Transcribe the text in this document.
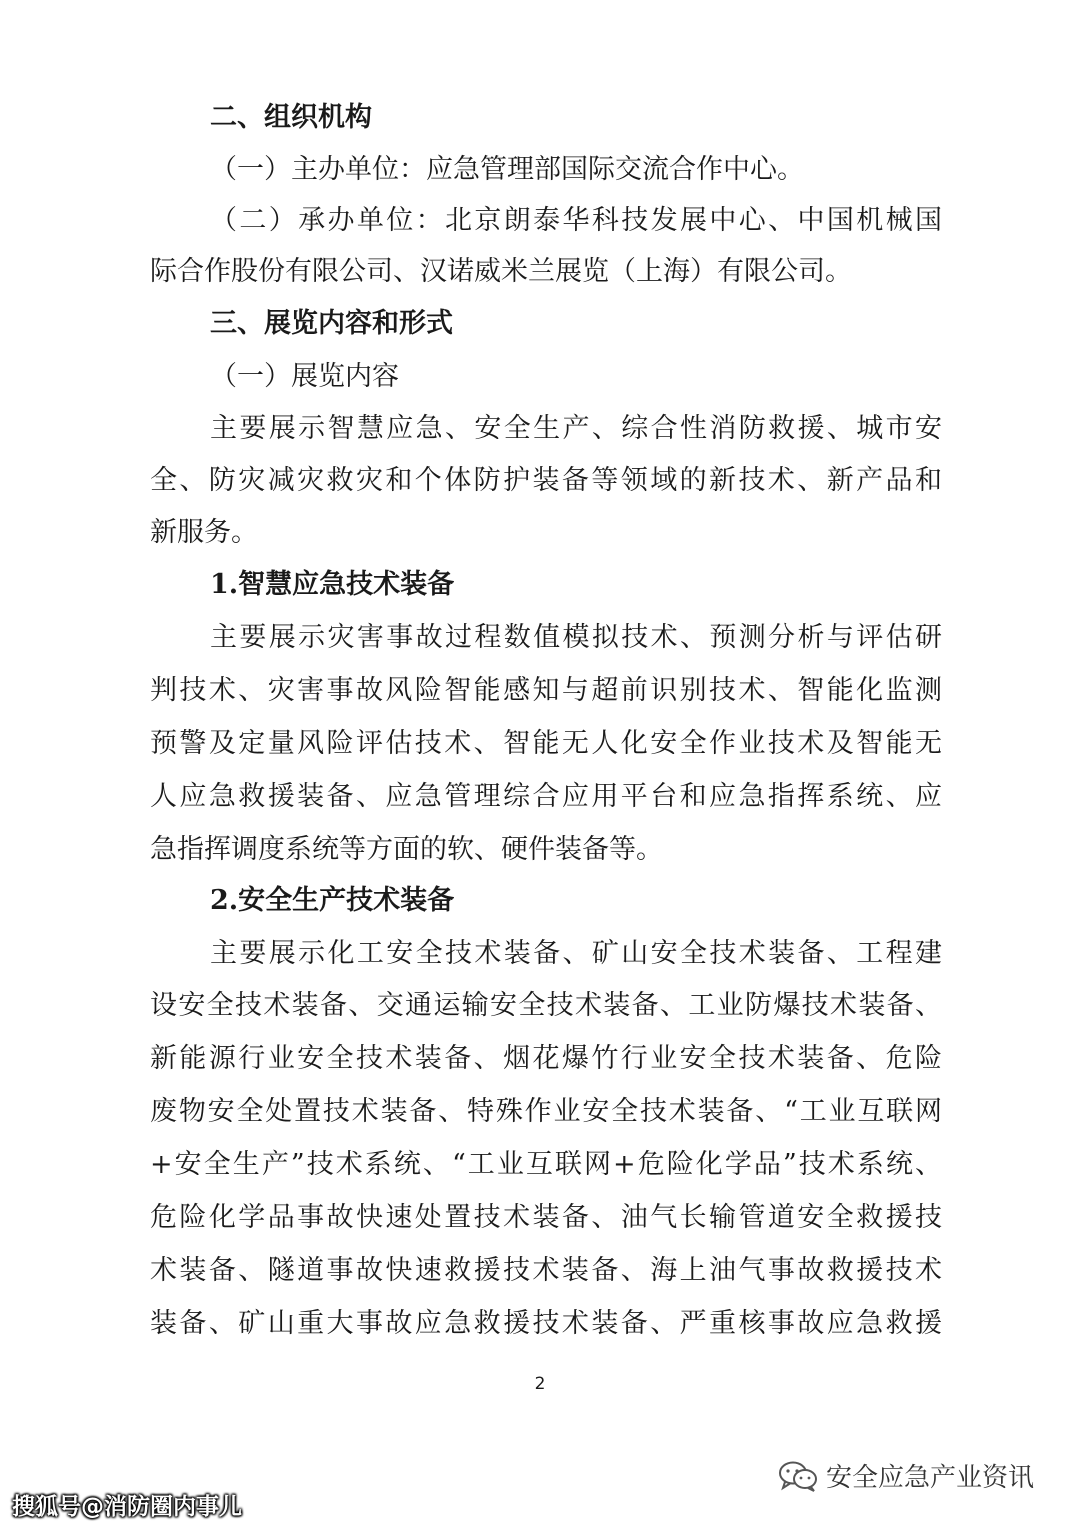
二、组织机构
（一）主办单位：应急管理部国际交流合作中心。
（二）承办单位：北京朗泰华科技发展中心、中国机械国
际合作股份有限公司、汉诺威米兰展览（上海）有限公司。
三、展览内容和形式
（一）展览内容
主要展示智慧应急、安全生产、综合性消防救援、城市安
全、防灾减灾救灾和个体防护装备等领域的新技术、新产品和
新服务。
1.智慧应急技术装备
主要展示灾害事故过程数值模拟技术、预测分析与评估研
判技术、灾害事故风险智能感知与超前识别技术、智能化监测
预警及定量风险评估技术、智能无人化安全作业技术及智能无
人应急救援装备、应急管理综合应用平台和应急指挥系统、应
急指挥调度系统等方面的软、硬件装备等。
2.安全生产技术装备
主要展示化工安全技术装备、矿山安全技术装备、工程建
设安全技术装备、交通运输安全技术装备、工业防爆技术装备、
新能源行业安全技术装备、烟花爆竹行业安全技术装备、危险
废物安全处置技术装备、特殊作业安全技术装备、“工业互联网
+安全生产”技术系统、“工业互联网+危险化学品”技术系统、
危险化学品事故快速处置技术装备、油气长输管道安全救援技
术装备、隧道事故快速救援技术装备、海上油气事故救援技术
装备、矿山重大事故应急救援技术装备、严重核事故应急救援
2
安全应急产业资讯
搜狐号@消防圈内事儿
